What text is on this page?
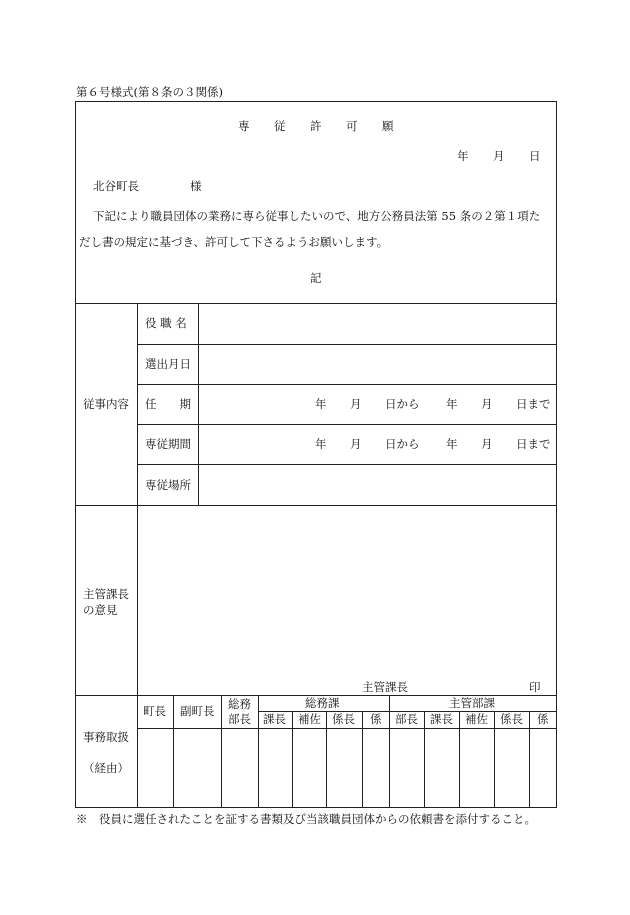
第６号様式(第８条の３関係)
専 従 許 可 願
年 月 日
北谷町長	様
下記により職員団体の業務に専ら従事したいので、地方公務員法第 55 条の２第１項た
だし書の規定に基づき、許可して下さるようお願いします。
記
従事内容
役 職 名
選出月日
任　　期
専従期間
専従場所
年 月 日から 年 月 日まで
年 月 日から 年 月 日まで
主管課長
の意見
主管課長	印
事務取扱
（経由）
町長 副町長 総務
部長
総務課
課長 補佐 係長 係
主管部課
部長 課長 補佐 係長 係
※　役員に選任されたことを証する書類及び当該職員団体からの依頼書を添付すること。
